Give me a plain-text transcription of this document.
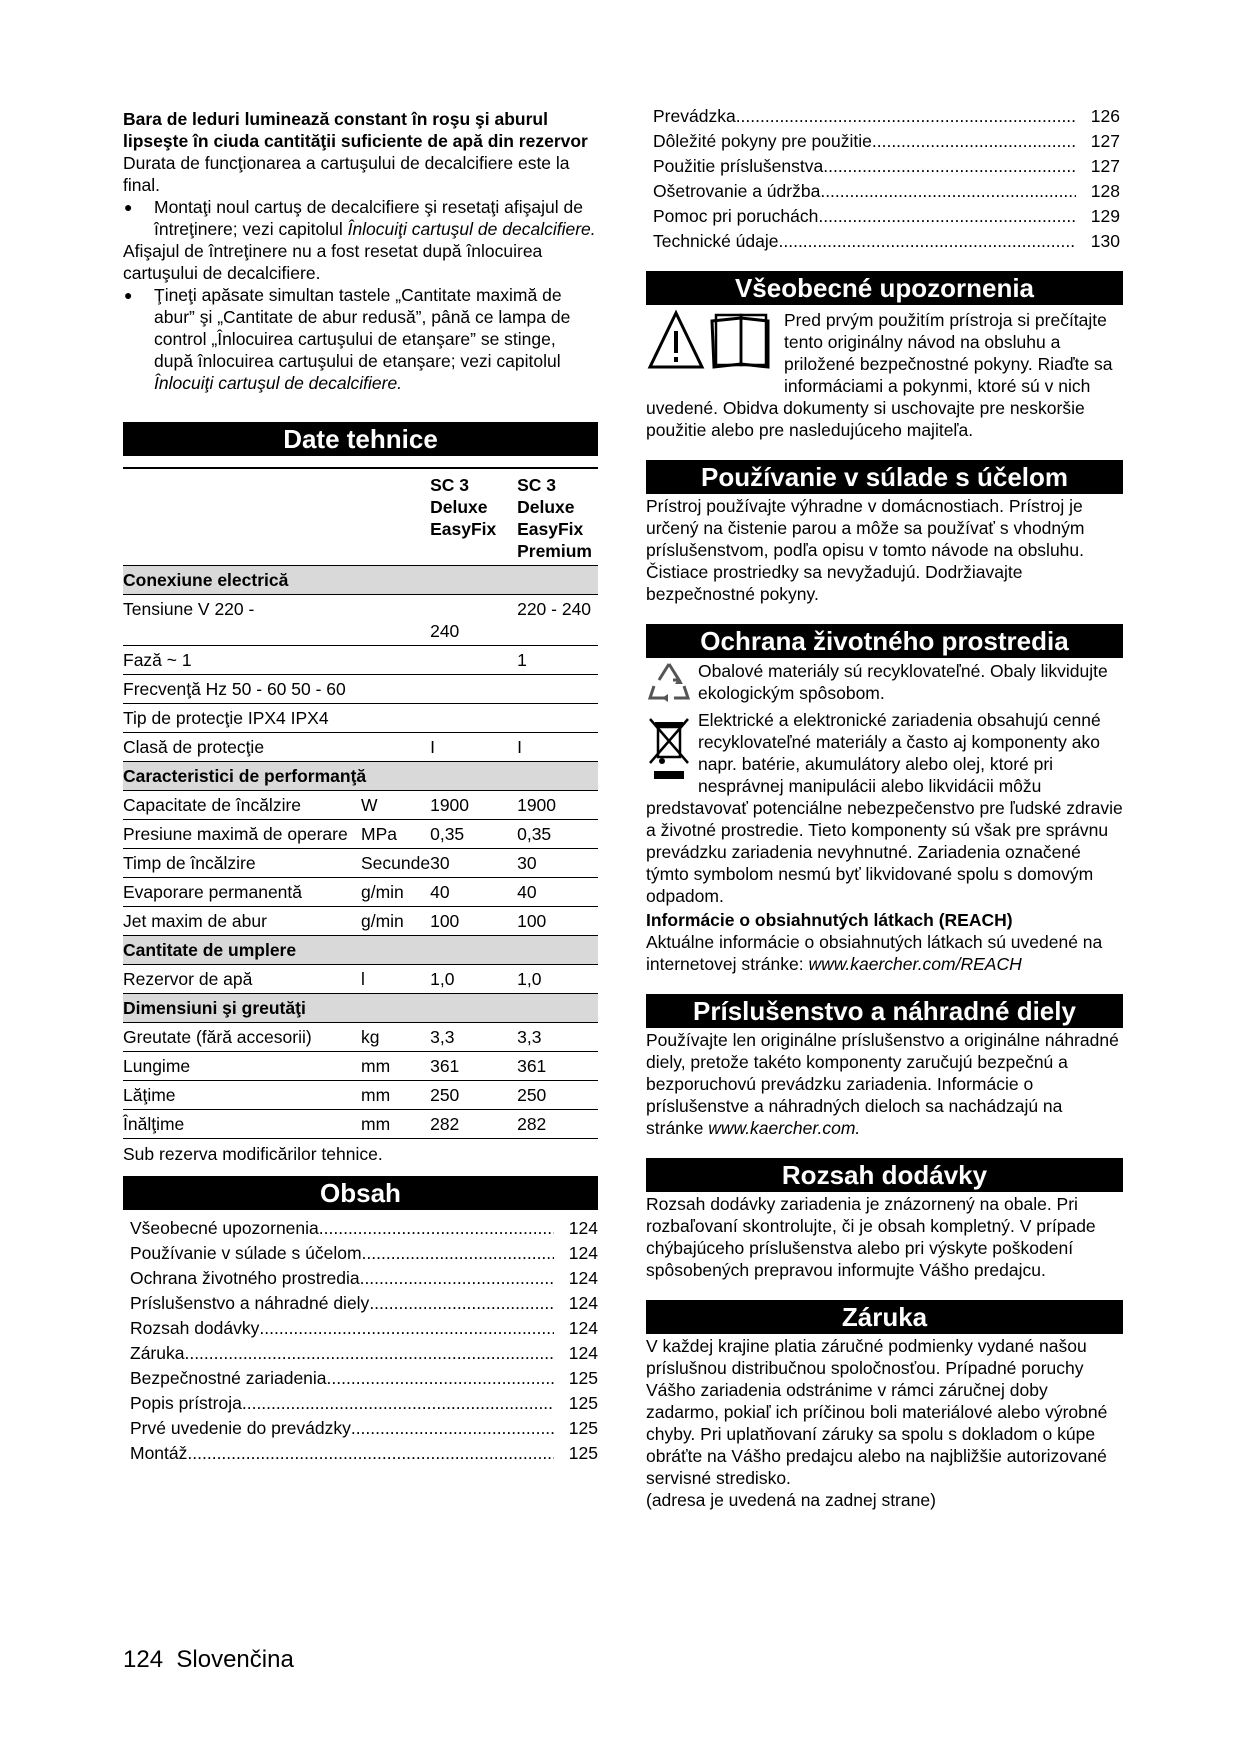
Bara de leduri luminează constant în roşu şi aburul lipseşte în ciuda cantităţii suficiente de apă din rezervor

Durata de funcţionarea a cartuşului de decalcifiere este la final.

● Montaţi noul cartuş de decalcifiere şi resetaţi afişajul de întreţinere; vezi capitolul Înlocuiţi cartuşul de decalcifiere.

Afişajul de întreţinere nu a fost resetat după înlocuirea cartuşului de decalcifiere.

● Ţineţi apăsate simultan tastele „Cantitate maximă de abur” şi „Cantitate de abur redusă”, până ce lampa de control „Înlocuirea cartuşului de etanşare” se stinge, după înlocuirea cartuşului de etanşare; vezi capitolul Înlocuiţi cartuşul de decalcifiere.

Date tehnice
		SC 3 Deluxe EasyFix	SC 3 Deluxe EasyFix Premium
Conexiune electrică			
Tensiune V 220 -		240	220 - 240
Fază ~ 1			1
Frecvenţă Hz 50 - 60 50 - 60			
Tip de protecţie IPX4 IPX4			
Clasă de protecţie		I	I
Caracteristici de performanţă			
Capacitate de încălzire	W	1900	1900
Presiune maximă de operare	MPa	0,35	0,35
Timp de încălzire	Secunde	30	30
Evaporare permanentă	g/min	40	40
Jet maxim de abur	g/min	100	100
Cantitate de umplere			
Rezervor de apă	l	1,0	1,0
Dimensiuni şi greutăţi			
Greutate (fără accesorii)	kg	3,3	3,3
Lungime	mm	361	361
Lăţime	mm	250	250
Înălţime	mm	282	282

Sub rezerva modificărilor tehnice.

Obsah
Všeobecné upozornenia .....	124
Používanie v súlade s účelom .....	124
Ochrana životného prostredia .....	124
Príslušenstvo a náhradné diely .....	124
Rozsah dodávky .....	124
Záruka .....	124
Bezpečnostné zariadenia .....	125
Popis prístroja .....	125
Prvé uvedenie do prevádzky .....	125
Montáž .....	125
Prevádzka .....	126
Dôležité pokyny pre použitie .....	127
Použitie príslušenstva .....	127
Ošetrovanie a údržba .....	128
Pomoc pri poruchách .....	129
Technické údaje .....	130
Všeobecné upozornenia

Pred prvým použitím prístroja si prečítajte tento originálny návod na obsluhu a priložené bezpečnostné pokyny. Riaďte sa informáciami a pokynmi, ktoré sú v nich uvedené. Obidva dokumenty si uschovajte pre neskoršie použitie alebo pre nasledujúceho majiteľa.

Používanie v súlade s účelom

Prístroj používajte výhradne v domácnostiach. Prístroj je určený na čistenie parou a môže sa používať s vhodným príslušenstvom, podľa opisu v tomto návode na obsluhu. Čistiace prostriedky sa nevyžadujú. Dodržiavajte bezpečnostné pokyny.

Ochrana životného prostredia

Obalové materiály sú recyklovateľné. Obaly likvidujte ekologickým spôsobom.

Elektrické a elektronické zariadenia obsahujú cenné recyklovateľné materiály a často aj komponenty ako napr. batérie, akumulátory alebo olej, ktoré pri nesprávnej manipulácii alebo likvidácii môžu predstavovať potenciálne nebezpečenstvo pre ľudské zdravie a životné prostredie. Tieto komponenty sú však pre správnu prevádzku zariadenia nevyhnutné. Zariadenia označené týmto symbolom nesmú byť likvidované spolu s domovým odpadom.

Informácie o obsiahnutých látkach (REACH)

Aktuálne informácie o obsiahnutých látkach sú uvedené na internetovej stránke: www.kaercher.com/REACH

Príslušenstvo a náhradné diely

Používajte len originálne príslušenstvo a originálne náhradné diely, pretože takéto komponenty zaručujú bezpečnú a bezporuchovú prevádzku zariadenia. Informácie o príslušenstve a náhradných dieloch sa nachádzajú na stránke www.kaercher.com.

Rozsah dodávky

Rozsah dodávky zariadenia je znázornený na obale. Pri rozbaľovaní skontrolujte, či je obsah kompletný. V prípade chýbajúceho príslušenstva alebo pri výskyte poškodení spôsobených prepravou informujte Vášho predajcu.

Záruka

V každej krajine platia záručné podmienky vydané našou príslušnou distribučnou spoločnosťou. Prípadné poruchy Vášho zariadenia odstránime v rámci záručnej doby zadarmo, pokiaľ ich príčinou boli materiálové alebo výrobné chyby. Pri uplatňovaní záruky sa spolu s dokladom o kúpe obráťte na Vášho predajcu alebo na najbližšie autorizované servisné stredisko.

(adresa je uvedená na zadnej strane)

124 Slovenčina
